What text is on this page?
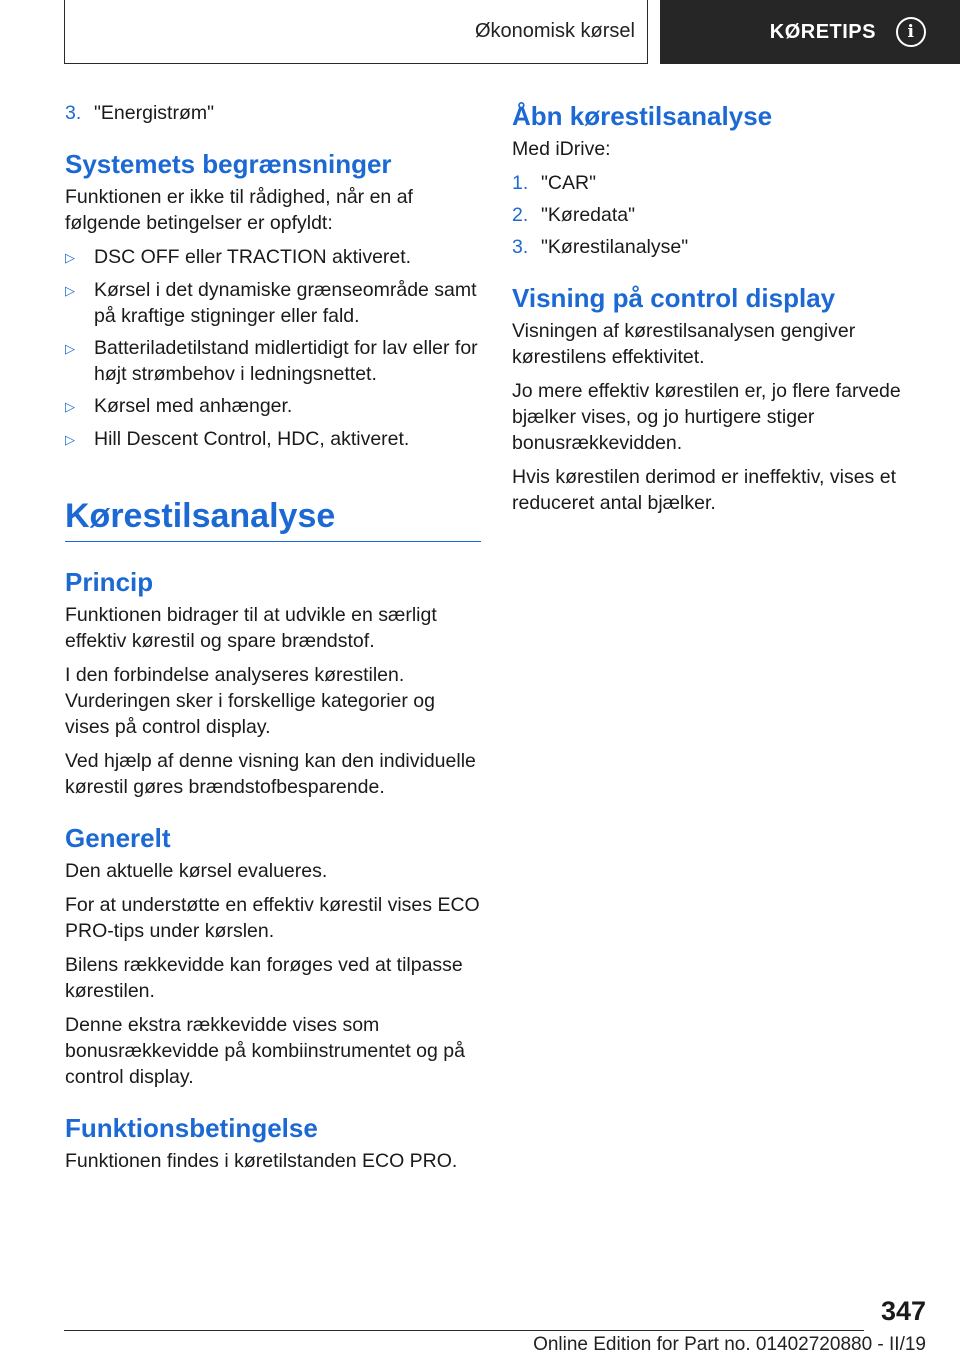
Økonomisk kørsel	KØRETIPS	i
3. "Energistrøm"
Systemets begrænsninger

Funktionen er ikke til rådighed, når en af følgende betingelser er opfyldt:

▷ DSC OFF eller TRACTION aktiveret.
▷ Kørsel i det dynamiske grænseområde samt på kraftige stigninger eller fald.
▷ Batteriladetilstand midlertidigt for lav eller for højt strømbehov i ledningsnettet.
▷ Kørsel med anhænger.
▷ Hill Descent Control, HDC, aktiveret.
Kørestilsanalyse
Princip

Funktionen bidrager til at udvikle en særligt effektiv kørestil og spare brændstof.

I den forbindelse analyseres kørestilen. Vurderingen sker i forskellige kategorier og vises på control display.

Ved hjælp af denne visning kan den individuelle kørestil gøres brændstofbesparende.

Generelt

Den aktuelle kørsel evalueres.

For at understøtte en effektiv kørestil vises ECO PRO-tips under kørslen.

Bilens rækkevidde kan forøges ved at tilpasse kørestilen.

Denne ekstra rækkevidde vises som bonusrækkevidde på kombiinstrumentet og på control display.

Funktionsbetingelse

Funktionen findes i køretilstanden ECO PRO.

Åbn kørestilsanalyse

Med iDrive:

1. "CAR"
2. "Køredata"
3. "Kørestilanalyse"
Visning på control display

Visningen af kørestilsanalysen gengiver kørestilens effektivitet.

Jo mere effektiv kørestilen er, jo flere farvede bjælker vises, og jo hurtigere stiger bonusrækkevidden.

Hvis kørestilen derimod er ineffektiv, vises et reduceret antal bjælker.

347
Online Edition for Part no. 01402720880 - II/19
